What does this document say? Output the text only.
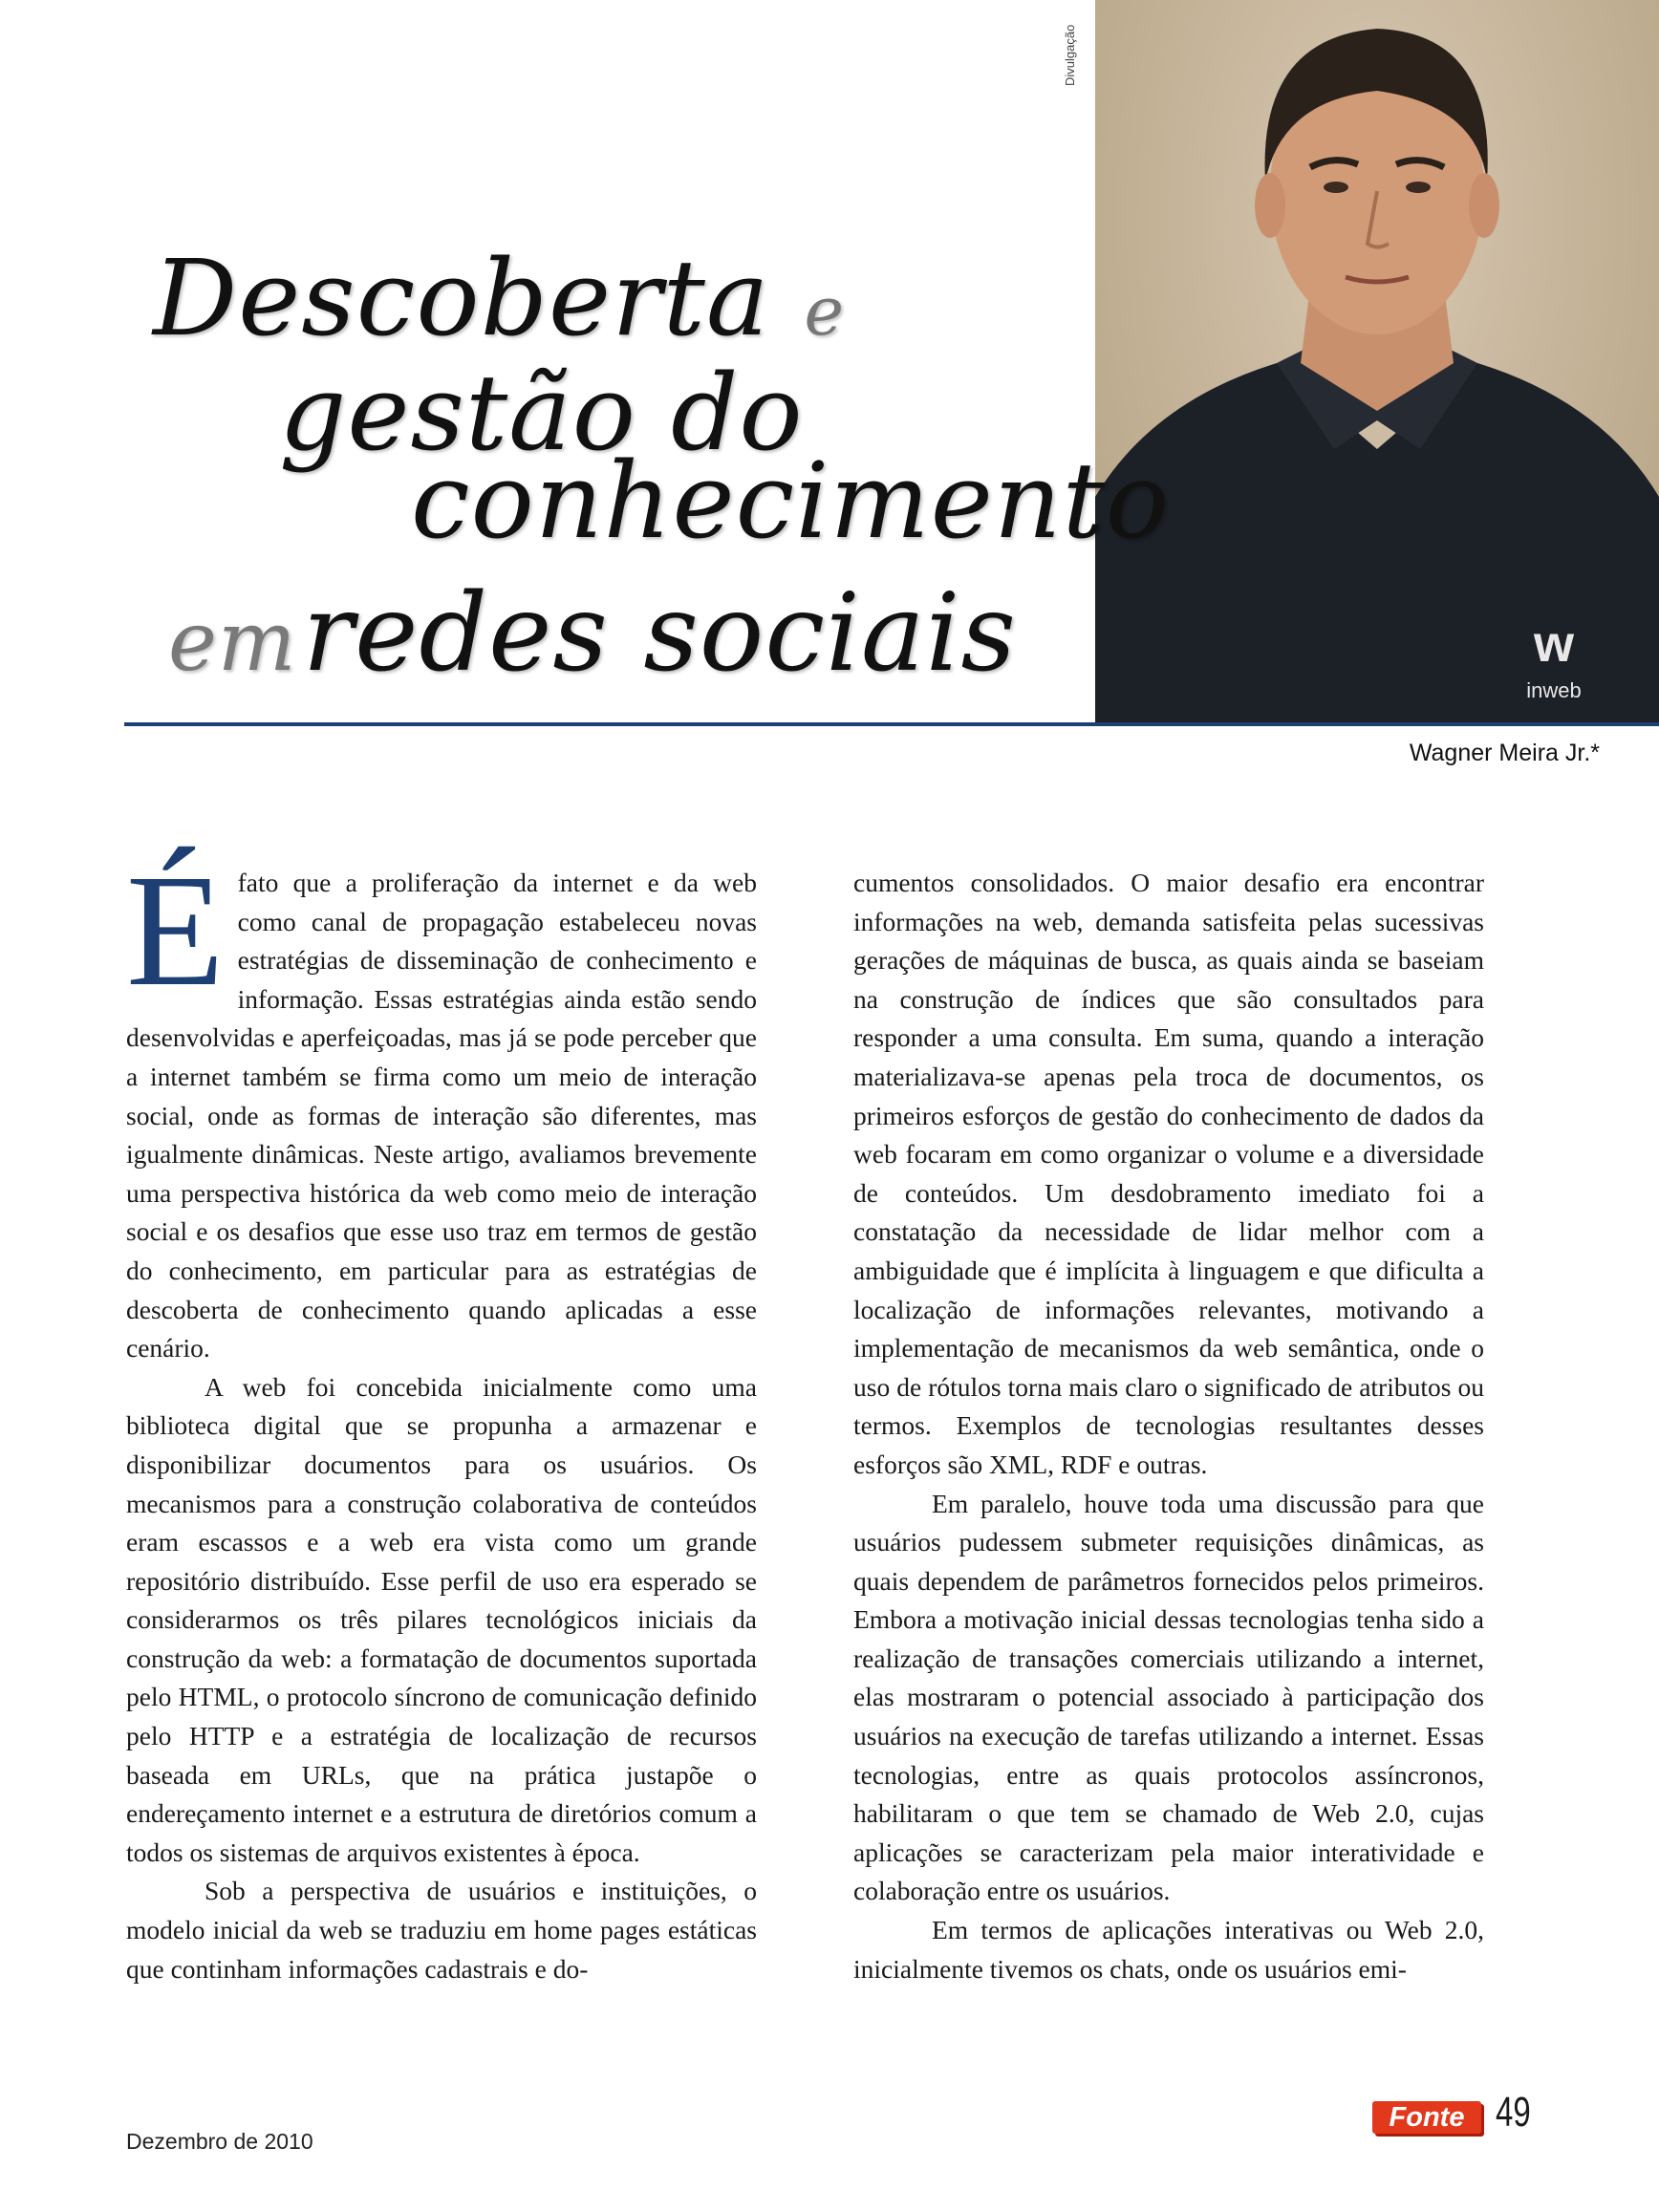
w
inweb
Divulgação
Descoberta e
gestão do
conhecimento
em redes sociais
Wagner Meira Jr.*

É fato que a proliferação da internet e da web como canal de propagação estabeleceu novas estratégias de disseminação de conhecimento e informação. Essas estratégias ainda estão sendo desenvolvidas e aperfeiçoadas, mas já se pode perceber que a internet também se firma como um meio de interação social, onde as formas de interação são diferentes, mas igualmente dinâmicas. Neste artigo, avaliamos brevemente uma perspectiva histórica da web como meio de interação social e os desafios que esse uso traz em termos de gestão do conhecimento, em particular para as estratégias de descoberta de conhecimento quando aplicadas a esse cenário.

A web foi concebida inicialmente como uma biblioteca digital que se propunha a armazenar e disponibilizar documentos para os usuários. Os mecanismos para a construção colaborativa de conteúdos eram escassos e a web era vista como um grande repositório distribuído. Esse perfil de uso era esperado se considerarmos os três pilares tecnológicos iniciais da construção da web: a formatação de documentos suportada pelo HTML, o protocolo síncrono de comunicação definido pelo HTTP e a estratégia de localização de recursos baseada em URLs, que na prática justapõe o endereçamento internet e a estrutura de diretórios comum a todos os sistemas de arquivos existentes à época.

Sob a perspectiva de usuários e instituições, o modelo inicial da web se traduziu em home pages estáticas que continham informações cadastrais e do-

cumentos consolidados. O maior desafio era encontrar informações na web, demanda satisfeita pelas sucessivas gerações de máquinas de busca, as quais ainda se baseiam na construção de índices que são consultados para responder a uma consulta. Em suma, quando a interação materializava-se apenas pela troca de documentos, os primeiros esforços de gestão do conhecimento de dados da web focaram em como organizar o volume e a diversidade de conteúdos. Um desdobramento imediato foi a constatação da necessidade de lidar melhor com a ambiguidade que é implícita à linguagem e que dificulta a localização de informações relevantes, motivando a implementação de mecanismos da web semântica, onde o uso de rótulos torna mais claro o significado de atributos ou termos. Exemplos de tecnologias resultantes desses esforços são XML, RDF e outras.

Em paralelo, houve toda uma discussão para que usuários pudessem submeter requisições dinâmicas, as quais dependem de parâmetros fornecidos pelos primeiros. Embora a motivação inicial dessas tecnologias tenha sido a realização de transações comerciais utilizando a internet, elas mostraram o potencial associado à participação dos usuários na execução de tarefas utilizando a internet. Essas tecnologias, entre as quais protocolos assíncronos, habilitaram o que tem se chamado de Web 2.0, cujas aplicações se caracterizam pela maior interatividade e colaboração entre os usuários.

Em termos de aplicações interativas ou Web 2.0, inicialmente tivemos os chats, onde os usuários emi-

Dezembro de 2010
Fonte 49
